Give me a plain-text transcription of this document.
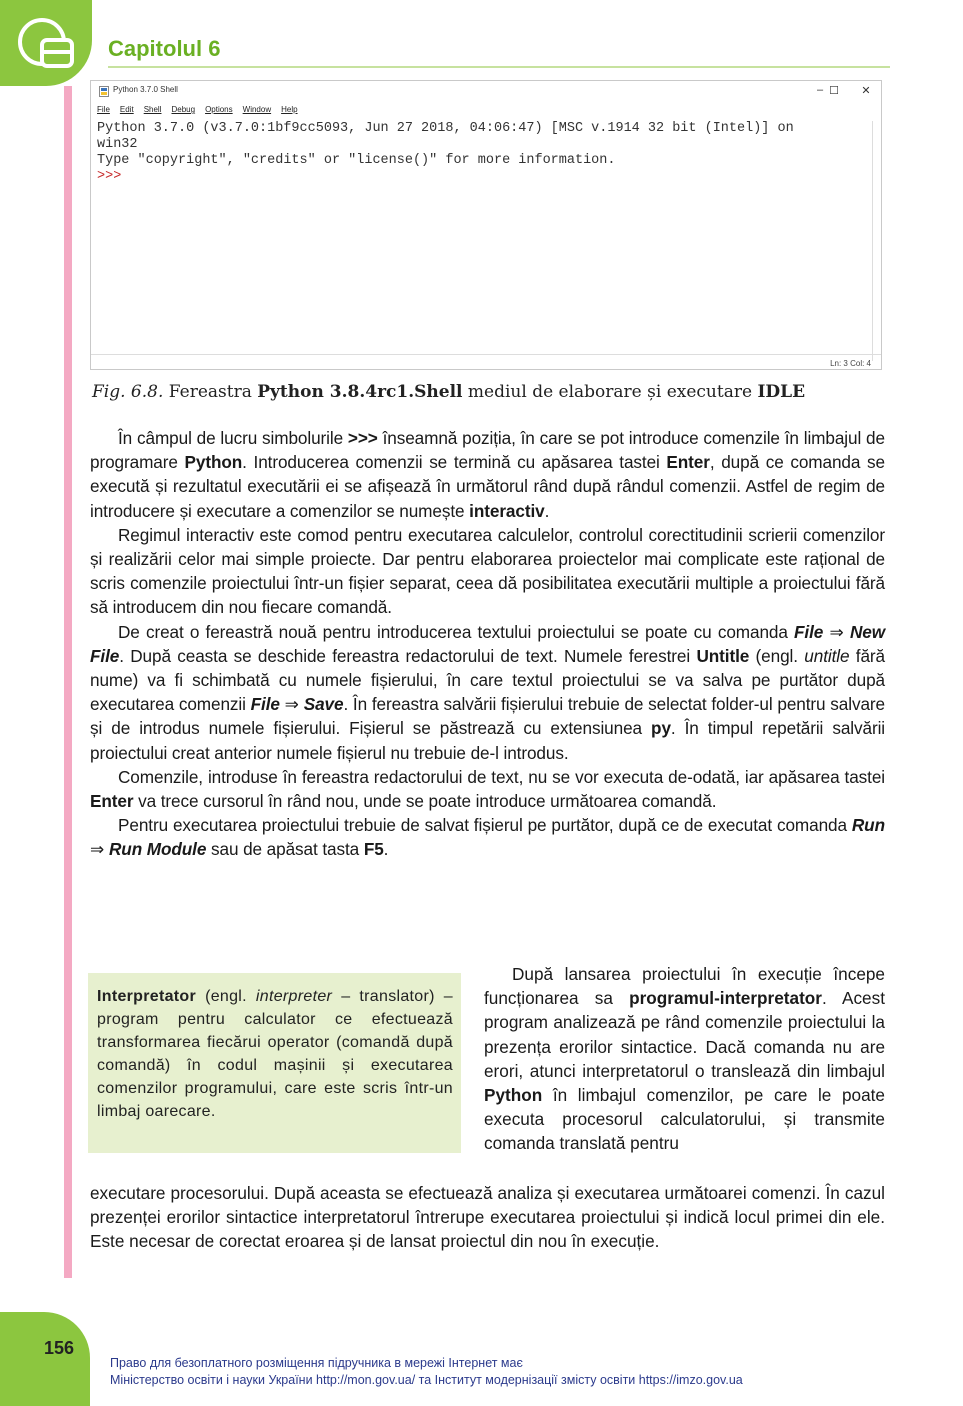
Capitolul 6
Python 3.7.0 Shell	– ☐	✕
File Edit Shell Debug Options Window Help
Python 3.7.0 (v3.7.0:1bf9cc5093, Jun 27 2018, 04:06:47) [MSC v.1914 32 bit (Intel)] on
win32
Type "copyright", "credits" or "license()" for more information.
>>>
Ln: 3 Col: 4
Fig. 6.8. Fereastra Python 3.8.4rc1.Shell mediul de elaborare și executare IDLE

În câmpul de lucru simbolurile >>> înseamnă poziția, în care se pot introduce comenzile în limbajul de programare Python. Introducerea comenzii se termină cu apăsarea tastei Enter, după ce comanda se execută și rezultatul executării ei se afișează în următorul rând după rândul comenzii. Astfel de regim de introducere și executare a comenzilor se numește interactiv.

Regimul interactiv este comod pentru executarea calculelor, controlul corectitudinii scrierii comenzilor și realizării celor mai simple proiecte. Dar pentru elaborarea proiectelor mai complicate este rațional de scris comenzile proiectului într-un fișier separat, ceea dă posibilitatea executării multiple a proiectului fără să introducem din nou fiecare comandă.

De creat o fereastră nouă pentru introducerea textului proiectului se poate cu comanda File ⇒ New File. După ceasta se deschide fereastra redactorului de text. Numele ferestrei Untitle (engl. untitle fără nume) va fi schimbată cu numele fișierului, în care textul proiectului se va salva pe purtător după executarea comenzii File ⇒ Save. În fereastra salvării fișierului trebuie de selectat folder-ul pentru salvare și de introdus numele fișierului. Fișierul se păstrează cu extensiunea py. În timpul repetării salvării proiectului creat anterior numele fișierul nu trebuie de-l introdus.

Comenzile, introduse în fereastra redactorului de text, nu se vor executa de-odată, iar apăsarea tastei Enter va trece cursorul în rând nou, unde se poate introduce următoarea comandă.

Pentru executarea proiectului trebuie de salvat fișierul pe purtător, după ce de executat comanda Run ⇒ Run Module sau de apăsat tasta F5.

Interpretator (engl. interpreter – translator) – program pentru calculator ce efectuează transformarea fiecărui operator (comandă după comandă) în codul mașinii și executarea comenzilor programului, care este scris într-un limbaj oarecare.

După lansarea proiectului în execuție începe funcționarea sa programul-interpretator. Acest program analizează pe rând comenzile proiectului la prezența erorilor sintactice. Dacă comanda nu are erori, atunci interpretatorul o translează din limbajul Python în limbajul comenzilor, pe care le poate executa procesorul calculatorului, și transmite comanda translată pentru

executare procesorului. După aceasta se efectuează analiza și executarea următoarei comenzi. În cazul prezenței erorilor sintactice interpretatorul întrerupe executarea proiectului și indică locul primei din ele. Este necesar de corectat eroarea și de lansat proiectul din nou în execuție.

156
Право для безоплатного розміщення підручника в мережі Інтернет має
Міністерство освіти і науки України http://mon.gov.ua/ та Інститут модернізації змісту освіти https://imzo.gov.ua
